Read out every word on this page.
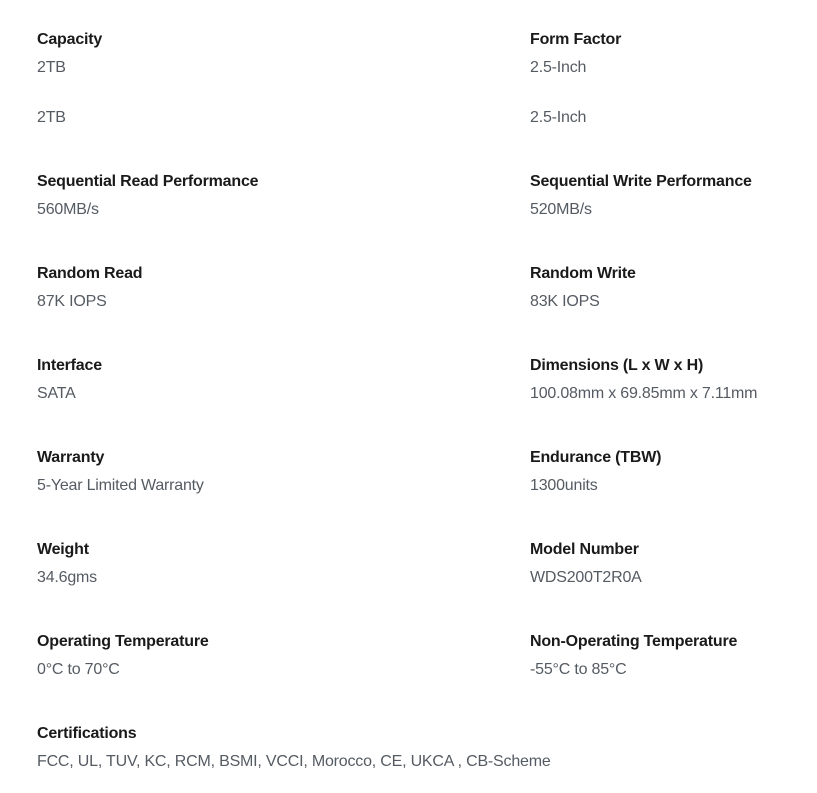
Capacity
2TB
2TB
Form Factor
2.5-Inch
2.5-Inch
Sequential Read Performance
560MB/s
Sequential Write Performance
520MB/s
Random Read
87K IOPS
Random Write
83K IOPS
Interface
SATA
Dimensions (L x W x H)
100.08mm x 69.85mm x 7.11mm
Warranty
5-Year Limited Warranty
Endurance (TBW)
1300units
Weight
34.6gms
Model Number
WDS200T2R0A
Operating Temperature
0°C to 70°C
Non-Operating Temperature
-55°C to 85°C
Certifications
FCC, UL, TUV, KC, RCM, BSMI, VCCI, Morocco, CE, UKCA , CB-Scheme
